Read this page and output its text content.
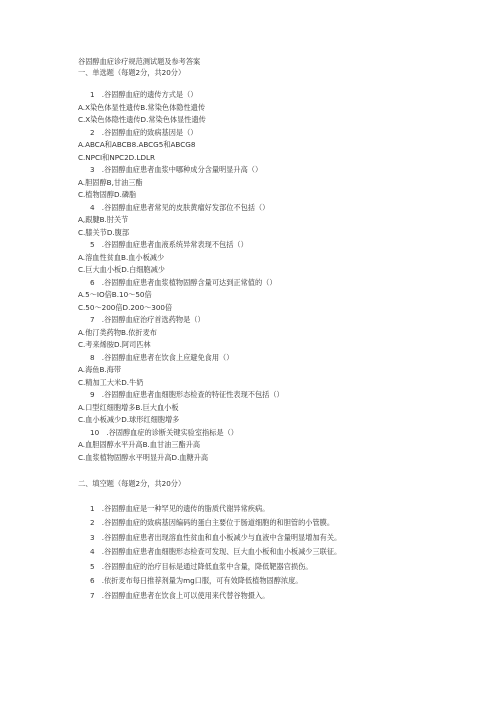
谷固醇血症诊疗规范测试题及参考答案
一、单选题（每题2分，共20分）
1　.谷固醇血症的遗传方式是（）
A.X染色体显性遗传B.常染色体隐性遗传
C.X染色体隐性遗传D.常染色体显性遗传
2　.谷固醇血症的致病基因是（）
A.ABCA和ABCB8.ABCG5和ABCG8
C.NPCI和NPC2D.LDLR
3　.谷固醇血症患者血浆中哪种成分含量明显升高（）
A.胆固醇B,甘油三酯
C.植物固醇D.磷脂
4　.谷固醇血症患者常见的皮肤黄瘤好发部位不包括（）
A,跟腱B.肘关节
C.膝关节D.腹部
5　.谷固醇血症患者血液系统异常表现不包括（）
A.溶血性贫血B.血小板减少
C.巨大血小板D.白细胞减少
6　.谷固醇血症患者血浆植物固醇含量可达到正常值的（）
A.5～IO倍B.10～50倍
C.50～200倍D.200～300倍
7　.谷固醇血症治疗首选药物是（）
A.他汀类药物B.依折麦布
C.考来烯胺D.阿司匹林
8　.谷固醇血症患者在饮食上应避免食用（）
A.海鱼B.海带
C.精加工大米D.牛奶
9　.谷固醇血症患者血细胞形态检查的特征性表现不包括（）
A.口型红细胞增多B.巨大血小板
C.血小板减少D.球形红细胞增多
10　.谷固醇血症的诊断关键实验室指标是（）
A.血胆固醇水平升高B.血甘油三酯升高
C.血浆植物固醇水平明显升高D.血糖升高
二、填空题（每题2分，共20分）
1　.谷固醇血症是一种罕见的遗传的脂质代谢异常疾病。
2　.谷固醇血症的致病基因编码的蛋白主要位于肠道细胞的和胆管的小管膜。
3　.谷固醇血症患者出现溶血性贫血和血小板减少与血液中含量明显增加有关。
4　.谷固醇血症患者血细胞形态检查可发现、巨大血小板和血小板减少三联征。
5　.谷固醇血症的治疗目标是通过降低血浆中含量，降低靶器官损伤。
6　.依折麦布每日推荐剂量为mg口服，可有效降低植物固醇浓度。
7　.谷固醇血症患者在饮食上可以使用来代替谷物摄入。
